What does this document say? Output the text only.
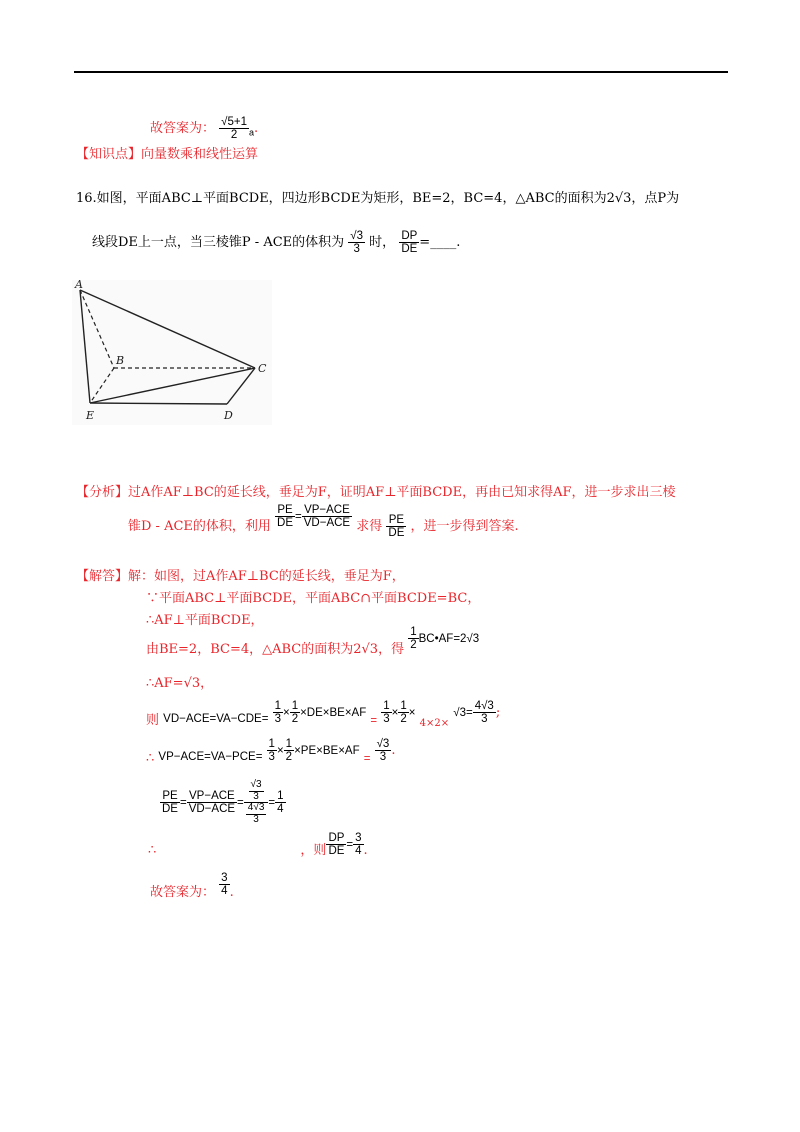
故答案为： $\frac{√5+1}{2} _a$.
【知识点】向量数乘和线性运算
16.如图，平面ABC⊥平面BCDE，四边形BCDE为矩形，BE=2，BC=4，△ABC的面积为2√3，点P为
线段DE上一点，当三棱锥P - ACE的体积为 $\frac{√3}{3}$ 时， $\frac{DP}{DE}$ =____.
A
B
C
E	D
【分析】过A作AF⊥BC的延长线，垂足为F，证明AF⊥平面BCDE，再由已知求得AF，进一步求出三棱
锥D - ACE的体积，利用 $\frac{PE}{DE} = \frac{\text{VP−ACE}}{\text{VD−ACE}}$ 求得 $\frac{PE}{DE}$ ，进一步得到答案.
【解答】解：如图，过A作AF⊥BC的延长线，垂足为F，
∵平面ABC⊥平面BCDE，平面ABC∩平面BCDE=BC，
∴AF⊥平面BCDE，
由BE=2，BC=4，△ABC的面积为2√3，得 $\frac{1}{2}$ BC•AF=2√3
∴AF=√3，
则 $VD-ACE=VA-CDE= \frac{1}{3} \times \frac{1}{2} \times DE\times BE\times AF = \frac{1}{3} \times \frac{1}{2} \times _{4\times 2\times}$ $√3= \frac{4√3}{3}$ ;
∴ $VP-ACE=VA-PCE= \frac{1}{3} \times \frac{1}{2} \times PE\times BE\times AF = \frac{√3}{3}$ .
$\frac{PE}{DE} = \frac{\text{VP−ACE}}{\text{VD−ACE}} = \frac{\frac{√3}{3}}{\frac{4√3}{3}} = \frac{1}{4}$
∴	，则 $\frac{DP}{DE} = \frac{3}{4}$ .
故答案为： $\frac{3}{4}$ .
